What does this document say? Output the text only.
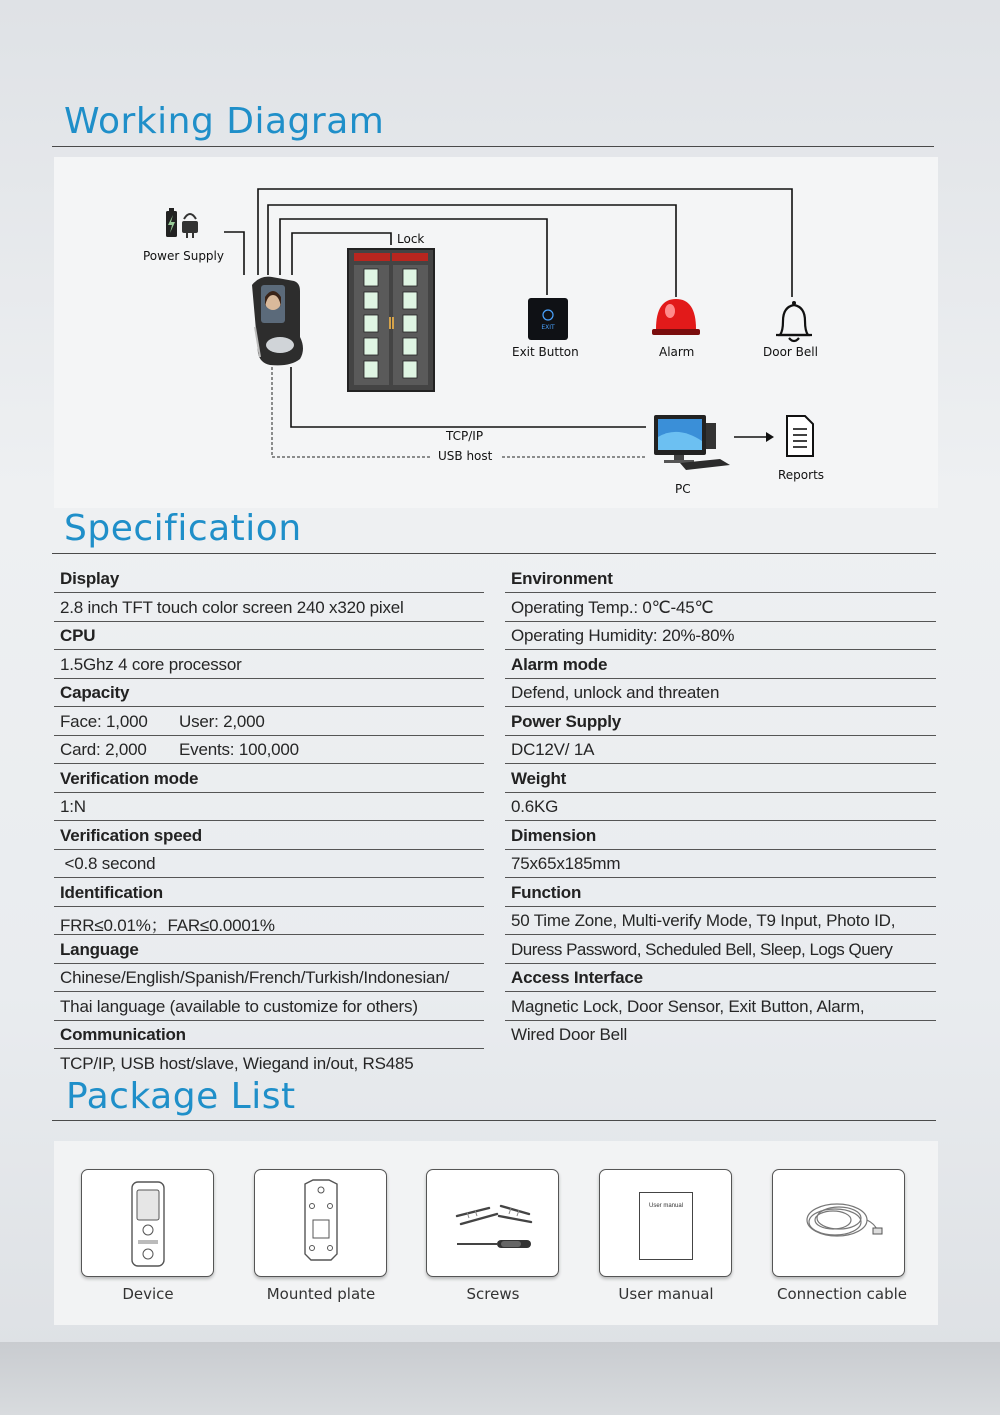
Working Diagram
EXIT
Power Supply
Lock
Exit Button	Alarm	Door Bell
TCP/IP
USB host
PC
Reports
Specification
Display
2.8 inch TFT touch color screen 240 x320 pixel
CPU
1.5Ghz 4 core processor
Capacity
Face: 1,000 User: 2,000
Card: 2,000 Events: 100,000
Verification mode
1:N
Verification speed
<0.8 second
Identification
FRR≤0.01%；FAR≤0.0001%
Language
Chinese/English/Spanish/French/Turkish/Indonesian/
Thai language (available to customize for others)
Communication
TCP/IP, USB host/slave, Wiegand in/out, RS485
Environment
Operating Temp.: 0℃-45℃
Operating Humidity: 20%-80%
Alarm mode
Defend, unlock and threaten
Power Supply
DC12V/ 1A
Weight
0.6KG
Dimension
75x65x185mm
Function
50 Time Zone, Multi-verify Mode, T9 Input, Photo ID,
Duress Password, Scheduled Bell, Sleep, Logs Query
Access Interface
Magnetic Lock, Door Sensor, Exit Button, Alarm,
Wired Door Bell
Package List
Device	Mounted plate	Screws
User manual
User manual	Connection cable
